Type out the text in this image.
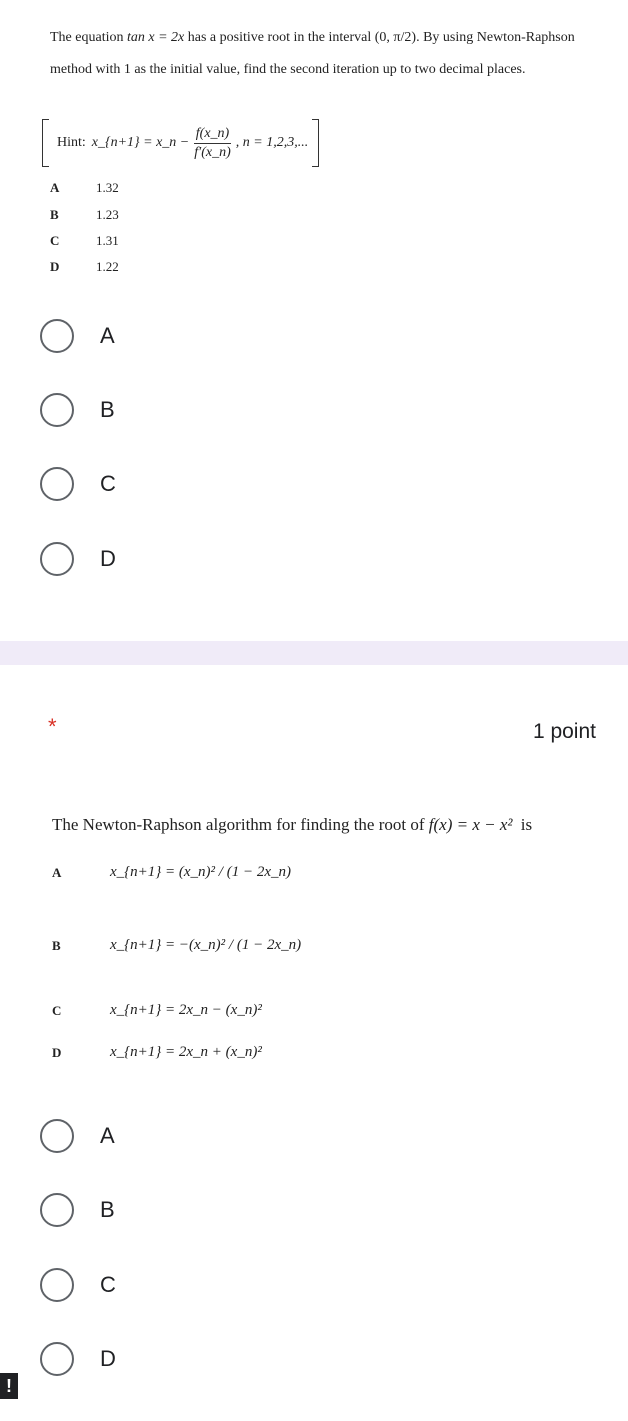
The equation tan x = 2x has a positive root in the interval (0, π/2). By using Newton-Raphson method with 1 as the initial value, find the second iteration up to two decimal places.
Hint: x_{n+1} = x_n − $\frac{f(x\_n)}{f'(x\_n)}$ , n = 1,2,3,...
A	1.32
B	1.23
C	1.31
D	1.22
A
B
C
D
*	1 point
The Newton-Raphson algorithm for finding the root of f(x) = x − x² is
A	x_{n+1} = (x_n)² / (1 − 2x_n)
B	x_{n+1} = −(x_n)² / (1 − 2x_n)
C	x_{n+1} = 2x_n − (x_n)²
D	x_{n+1} = 2x_n + (x_n)²
A
B
C
D
!
